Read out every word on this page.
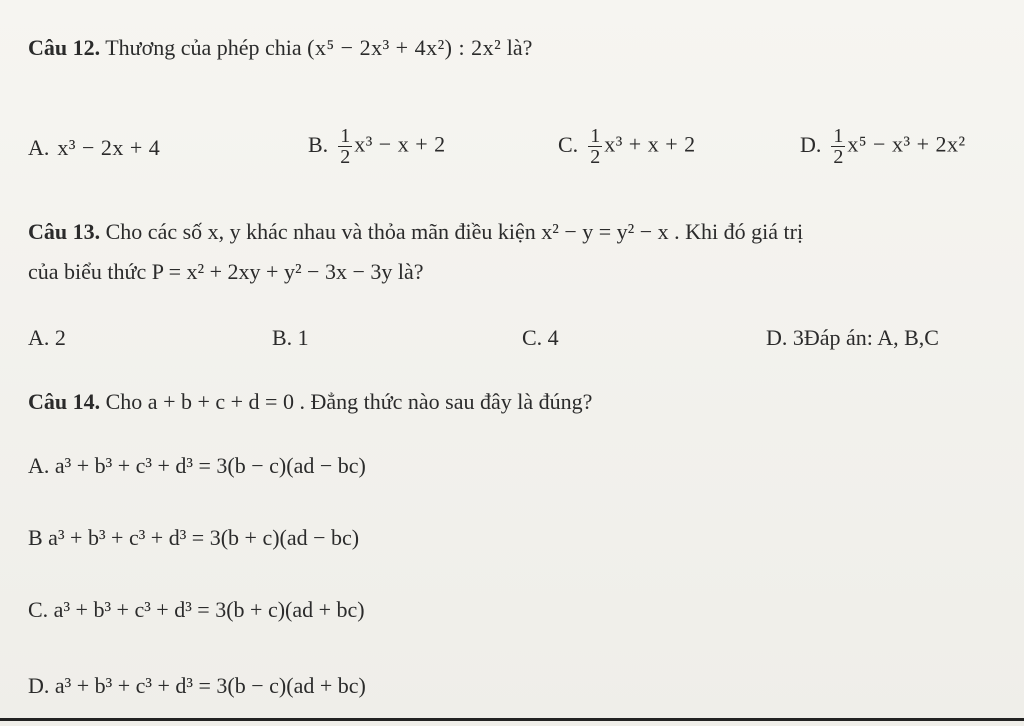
Câu 12. Thương của phép chia (x⁵ − 2x³ + 4x²) : 2x² là?
A. x³ − 2x + 4	B. $\frac{1}{2} x^3 - x + 2$	C. $\frac{1}{2} x^3 + x + 2$	D. $\frac{1}{2} x^5 - x^3 + 2x^2$
Câu 13. Cho các số x, y khác nhau và thỏa mãn điều kiện x² − y = y² − x . Khi đó giá trị
của biểu thức P = x² + 2xy + y² − 3x − 3y là?
A. 2	B. 1	C. 4	D. 3Đáp án: A, B,C
Câu 14. Cho a + b + c + d = 0 . Đẳng thức nào sau đây là đúng?
A. a³ + b³ + c³ + d³ = 3(b − c)(ad − bc)
B a³ + b³ + c³ + d³ = 3(b + c)(ad − bc)
C. a³ + b³ + c³ + d³ = 3(b + c)(ad + bc)
D. a³ + b³ + c³ + d³ = 3(b − c)(ad + bc)
